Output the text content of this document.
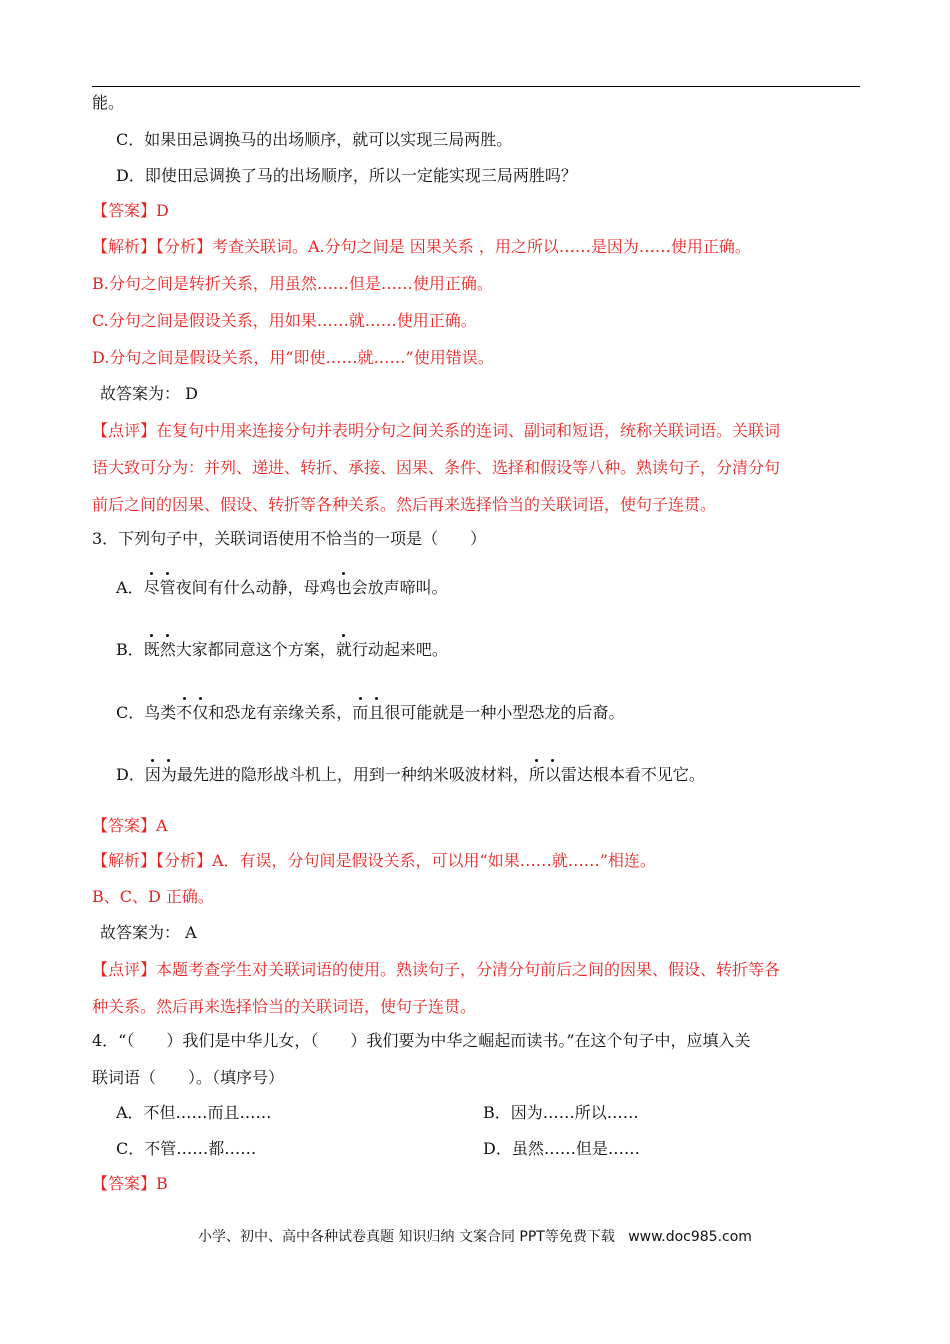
能。
C．如果田忌调换马的出场顺序，就可以实现三局两胜。
D．即使田忌调换了马的出场顺序，所以一定能实现三局两胜吗？
【答案】D
【解析】【分析】考查关联词。A.分句之间是 因果关系 ，用之所以……是因为……使用正确。
B.分句之间是转折关系，用虽然……但是……使用正确。
C.分句之间是假设关系，用如果……就……使用正确。
D.分句之间是假设关系，用“即使……就……”使用错误。
故答案为： D
【点评】在复句中用来连接分句并表明分句之间关系的连词、副词和短语，统称关联词语。关联词
语大致可分为：并列、递进、转折、承接、因果、条件、选择和假设等八种。熟读句子，分清分句
前后之间的因果、假设、转折等各种关系。然后再来选择恰当的关联词语，使句子连贯。
3．下列句子中，关联词语使用不恰当的一项是（　　）
A．尽管夜间有什么动静，母鸡也会放声啼叫。
B．既然大家都同意这个方案，就行动起来吧。
C．鸟类不仅和恐龙有亲缘关系，而且很可能就是一种小型恐龙的后裔。
D．因为最先进的隐形战斗机上，用到一种纳米吸波材料，所以雷达根本看不见它。
【答案】A
【解析】【分析】A．有误，分句间是假设关系，可以用“如果……就……”相连。
B、C、D 正确。
故答案为： A
【点评】本题考查学生对关联词语的使用。熟读句子，分清分句前后之间的因果、假设、转折等各
种关系。然后再来选择恰当的关联词语，使句子连贯。
4．“（　　）我们是中华儿女，（　　）我们要为中华之崛起而读书。”在这个句子中，应填入关
联词语（　　）。（填序号）
A．不但……而且……	B．因为……所以……
C．不管……都……	D．虽然……但是……
【答案】B
小学、初中、高中各种试卷真题 知识归纳 文案合同 PPT等免费下载 www.doc985.com
